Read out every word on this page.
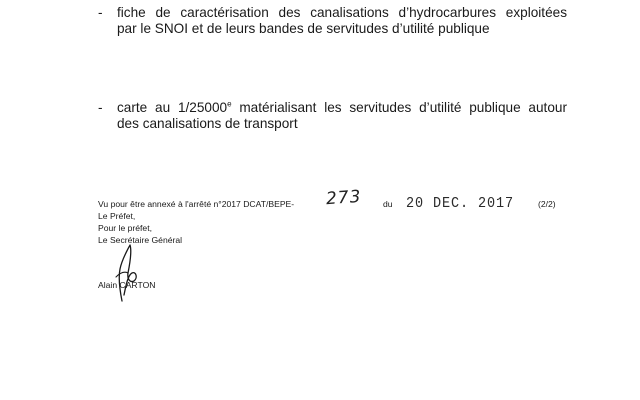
- fiche de caractérisation des canalisations d’hydrocarbures exploitées
par le SNOI et de leurs bandes de servitudes d’utilité publique
- carte au 1/25000e matérialisant les servitudes d’utilité publique autour
des canalisations de transport
Vu pour être annexé à l'arrêté n°2017 DCAT/BEPE- 273 du 20 DEC. 2017	(2/2)
Le Préfet,
Pour le préfet,
Le Secrétaire Général
Alain CARTON
